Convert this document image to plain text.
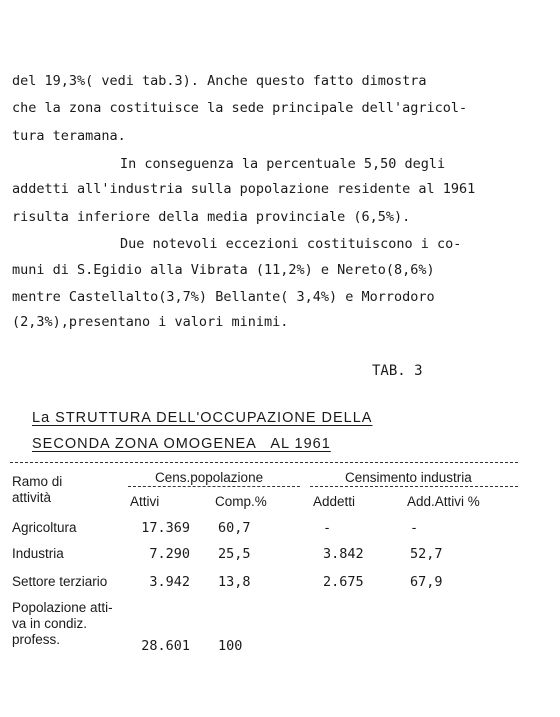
del 19,3%( vedi tab.3). Anche questo fatto dimostra
che la zona costituisce la sede principale dell'agricol-
tura teramana.
In conseguenza la percentuale 5,50 degli
addetti all'industria sulla popolazione residente al 1961
risulta inferiore della media provinciale (6,5%).
Due notevoli eccezioni costituiscono i co-
muni di S.Egidio alla Vibrata (11,2%) e Nereto(8,6%)
mentre Castellalto(3,7%) Bellante( 3,4%) e Morrodoro
(2,3%),presentano i valori minimi.
TAB. 3
La STRUTTURA DELL'OCCUPAZIONE DELLA
SECONDA ZONA OMOGENEA   AL 1961
Ramo di
attività
Cens.popolazione	Censimento industria
Attivi	Comp.%	Addetti	Add.Attivi %
Agricoltura	17.369 60,7	-	-
Industria	7.290 25,5	3.842	52,7
Settore terziario	3.942 13,8	2.675	67,9
Popolazione atti-
va in condiz.
profess.	28.601 100
